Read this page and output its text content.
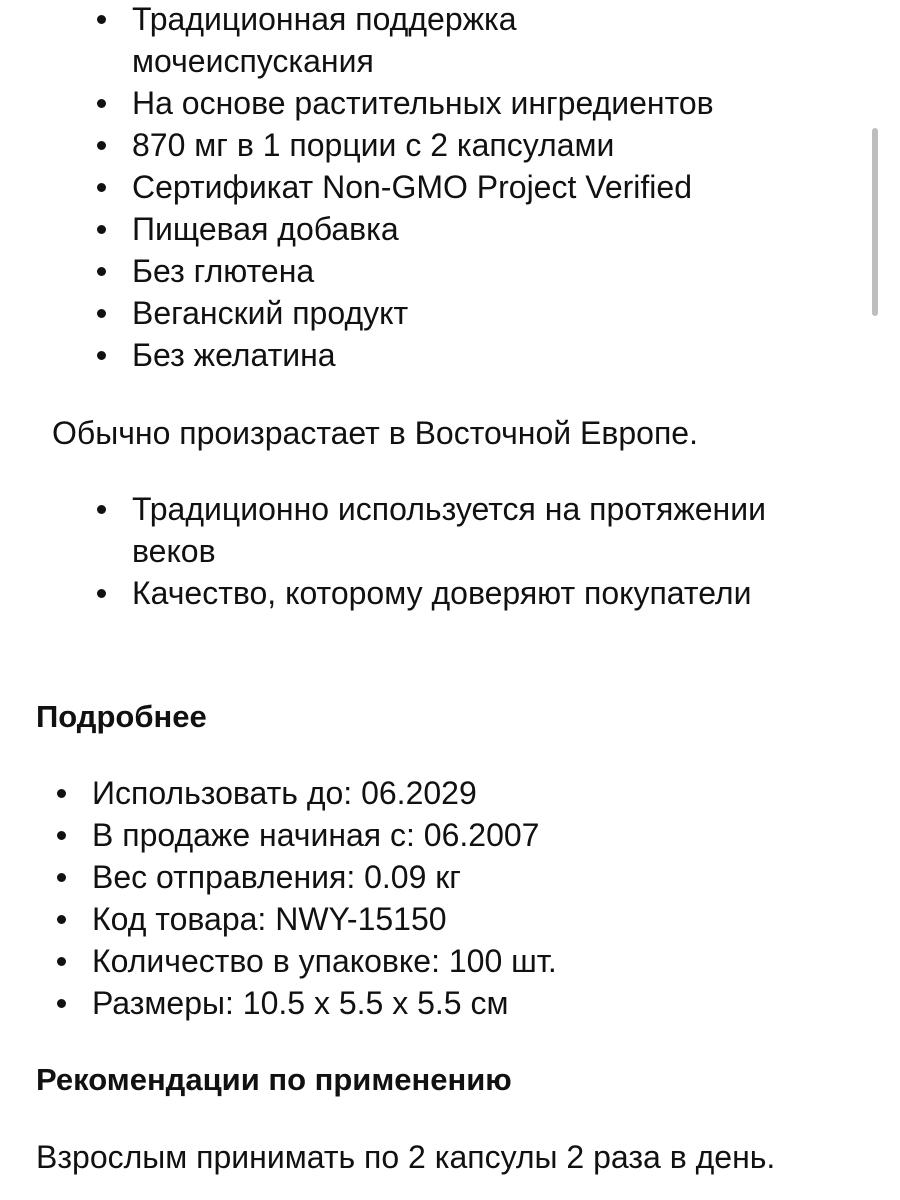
Традиционная поддержка мочеиспускания
На основе растительных ингредиентов
870 мг в 1 порции с 2 капсулами
Сертификат Non-GMO Project Verified
Пищевая добавка
Без глютена
Веганский продукт
Без желатина

Обычно произрастает в Восточной Европе.

Традиционно используется на протяжении веков
Качество, которому доверяют покупатели
Подробнее
Использовать до: 06.2029
В продаже начиная с: 06.2007
Вес отправления: 0.09 кг
Код товара: NWY-15150
Количество в упаковке: 100 шт.
Размеры: 10.5 x 5.5 x 5.5 см
Рекомендации по применению

Взрослым принимать по 2 капсулы 2 раза в день.
